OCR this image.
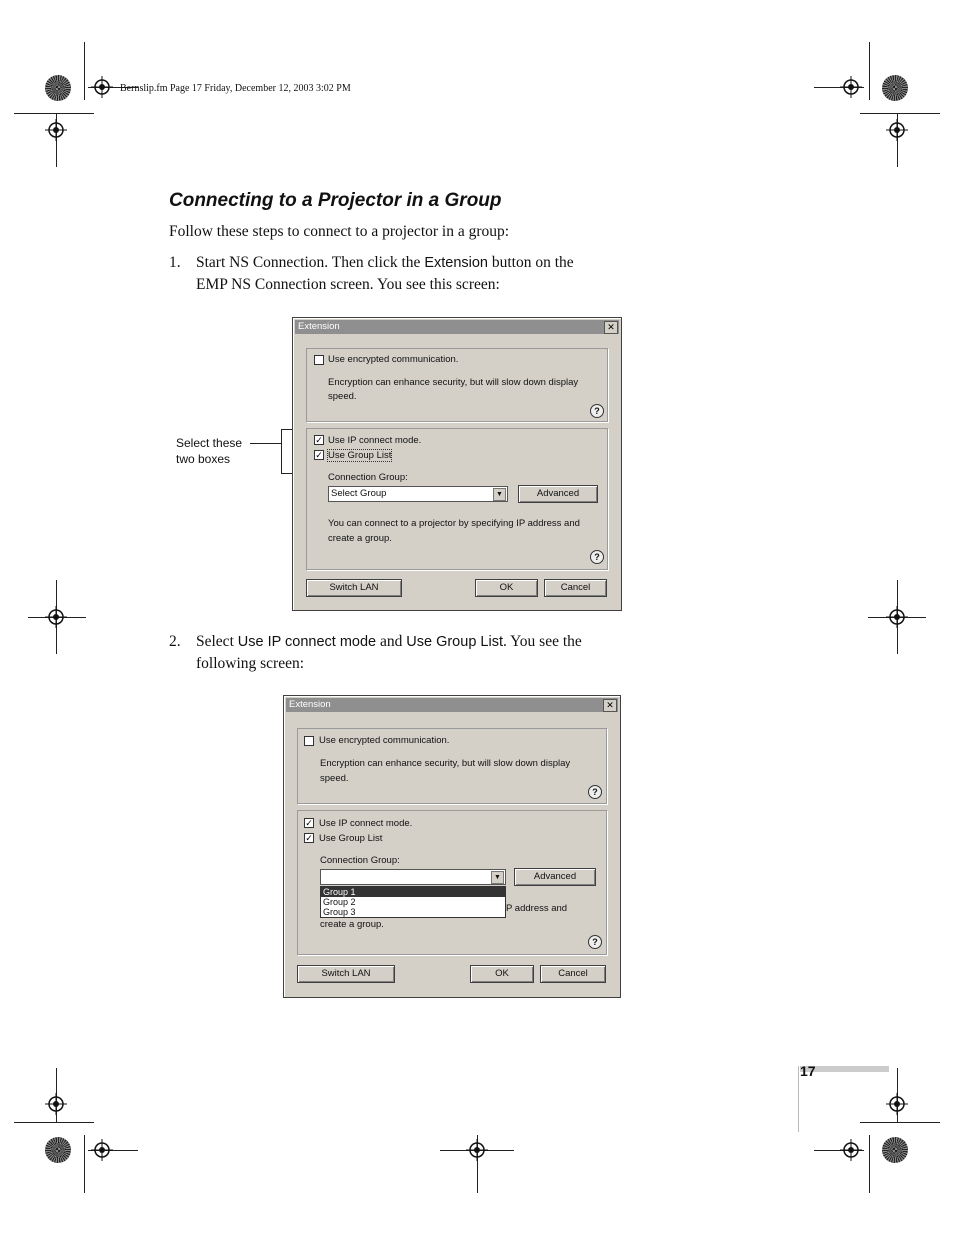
Bernslip.fm Page 17 Friday, December 12, 2003 3:02 PM
Connecting to a Projector in a Group
Follow these steps to connect to a projector in a group:
1. Start NS Connection. Then click the Extension button on the
EMP NS Connection screen. You see this screen:
Select these
two boxes
Extension	✕
Use encrypted communication.
Encryption can enhance security, but will slow down display
speed.
?
✓ Use IP connect mode.
✓ Use Group List
Connection Group:
Select Group	▼	Advanced
You can connect to a projector by specifying IP address and
create a group.
?
Switch LAN	OK	Cancel
2. Select Use IP connect mode and Use Group List. You see the
following screen:
Extension	✕
Use encrypted communication.
Encryption can enhance security, but will slow down display
speed.
?
✓ Use IP connect mode.
✓ Use Group List
Connection Group:
▼	Advanced
Group 1
Group 2
Group 3	P address and
create a group.
?
Switch LAN	OK	Cancel
17
